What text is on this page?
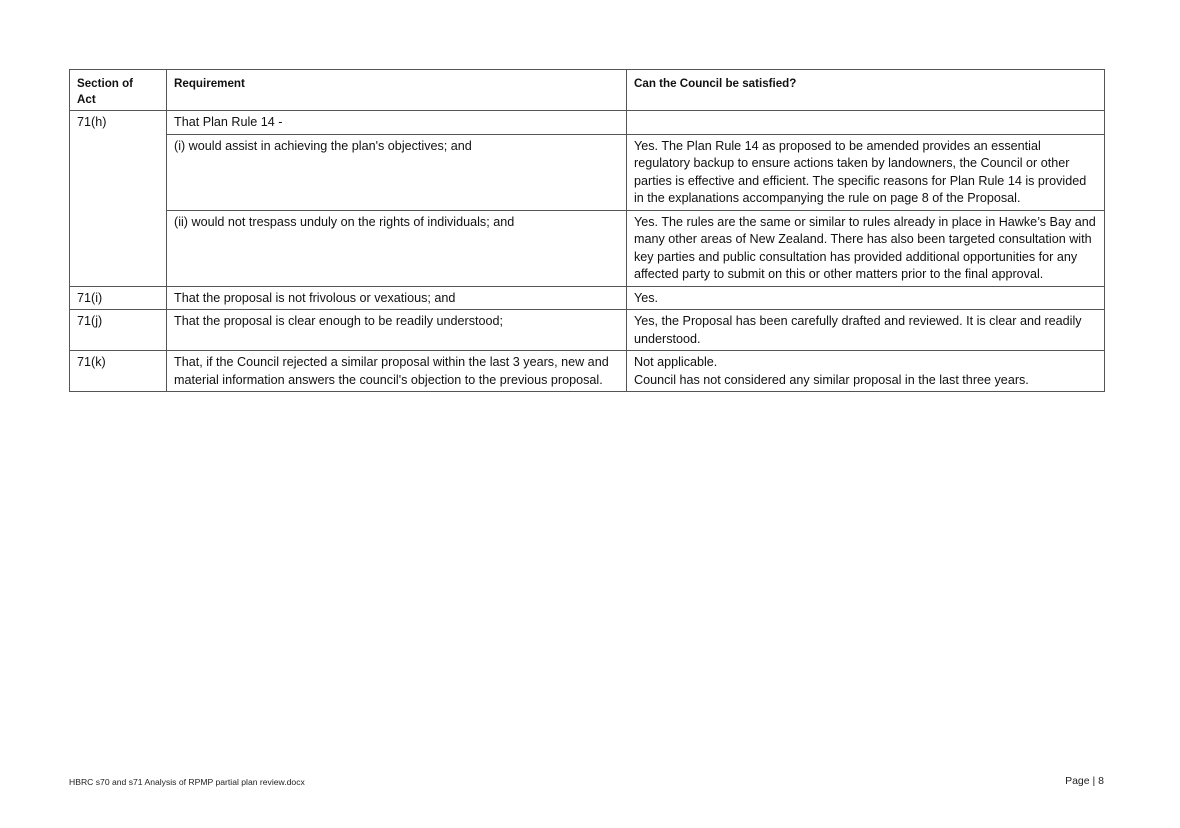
Section of Act	Requirement	Can the Council be satisfied?
71(h)	That Plan Rule 14 -	
	(i) would assist in achieving the plan's objectives; and	Yes. The Plan Rule 14 as proposed to be amended provides an essential regulatory backup to ensure actions taken by landowners, the Council or other parties is effective and efficient. The specific reasons for Plan Rule 14 is provided in the explanations accompanying the rule on page 8 of the Proposal.
	(ii) would not trespass unduly on the rights of individuals; and	Yes. The rules are the same or similar to rules already in place in Hawke’s Bay and many other areas of New Zealand. There has also been targeted consultation with key parties and public consultation has provided additional opportunities for any affected party to submit on this or other matters prior to the final approval.
71(i)	That the proposal is not frivolous or vexatious; and	Yes.
71(j)	That the proposal is clear enough to be readily understood;	Yes, the Proposal has been carefully drafted and reviewed. It is clear and readily understood.
71(k)	That, if the Council rejected a similar proposal within the last 3 years, new and material information answers the council's objection to the previous proposal.	Not applicable.
Council has not considered any similar proposal in the last three years.
HBRC s70 and s71 Analysis of RPMP partial plan review.docx	Page | 8
